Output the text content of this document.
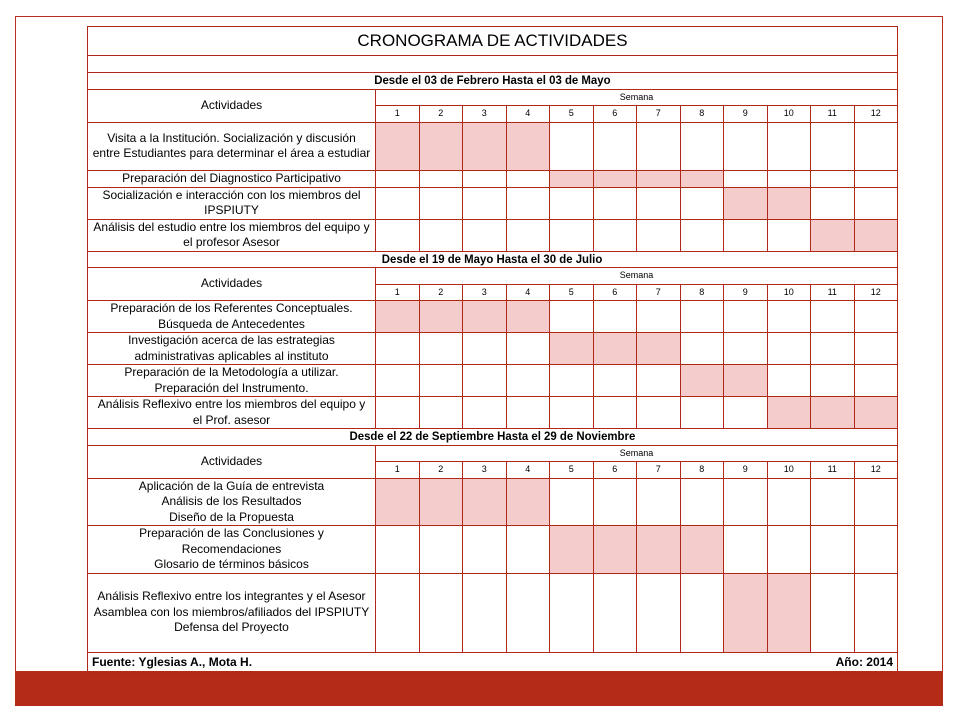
CRONOGRAMA DE ACTIVIDADES												

Desde el 03 de Febrero Hasta el 03 de Mayo												
Actividades	Semana											
	1	2	3	4	5	6	7	8	9	10	11	12

Visita a la Institución. Socialización y discusión entre Estudiantes para determinar el área a estudiar												

Preparación del Diagnostico Participativo												

Socialización e interacción con los miembros del IPSPIUTY												

Análisis del estudio entre los miembros del equipo y el profesor Asesor												

Desde el 19 de Mayo Hasta el 30 de Julio												
Actividades	Semana											
	1	2	3	4	5	6	7	8	9	10	11	12

Preparación de los Referentes Conceptuales. Búsqueda de Antecedentes												

Investigación acerca de las estrategias administrativas aplicables al instituto												

Preparación de la Metodología a utilizar. Preparación del Instrumento.												

Análisis Reflexivo entre los miembros del equipo y el Prof. asesor												

Desde el 22 de Septiembre Hasta el 29 de Noviembre												
Actividades	Semana											
	1	2	3	4	5	6	7	8	9	10	11	12

Aplicación de la Guía de entrevista
Análisis de los Resultados
Diseño de la Propuesta												

Preparación de las Conclusiones y Recomendaciones
Glosario de términos básicos												

Análisis Reflexivo entre los integrantes y el Asesor
Asamblea con los miembros/afiliados del IPSPIUTY
Defensa del Proyecto												

Fuente: Yglesias A., Mota H. Año: 2014												
